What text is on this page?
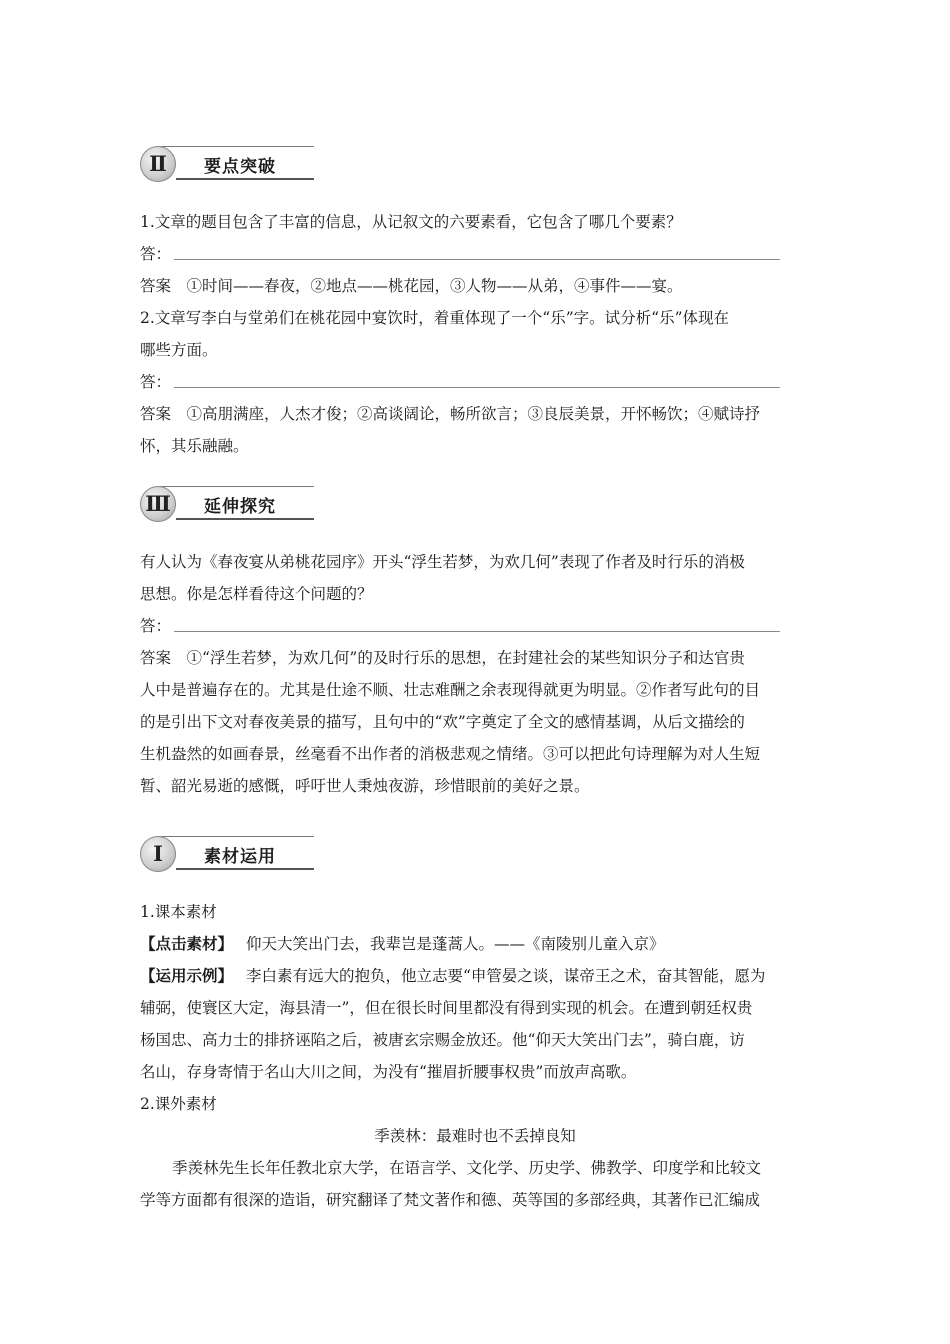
Ⅱ	要点突破
1.文章的题目包含了丰富的信息，从记叙文的六要素看，它包含了哪几个要素？
答：
答案　①时间——春夜，②地点——桃花园，③人物——从弟，④事件——宴。
2.文章写李白与堂弟们在桃花园中宴饮时，着重体现了一个“乐”字。试分析“乐”体现在
哪些方面。
答：
答案　①高朋满座，人杰才俊；②高谈阔论，畅所欲言；③良辰美景，开怀畅饮；④赋诗抒
怀，其乐融融。
Ⅲ	延伸探究
有人认为《春夜宴从弟桃花园序》开头“浮生若梦，为欢几何”表现了作者及时行乐的消极
思想。你是怎样看待这个问题的？
答：
答案　①“浮生若梦，为欢几何”的及时行乐的思想，在封建社会的某些知识分子和达官贵
人中是普遍存在的。尤其是仕途不顺、壮志难酬之余表现得就更为明显。②作者写此句的目
的是引出下文对春夜美景的描写，且句中的“欢”字奠定了全文的感情基调，从后文描绘的
生机盎然的如画春景，丝毫看不出作者的消极悲观之情绪。③可以把此句诗理解为对人生短
暂、韶光易逝的感慨，呼吁世人秉烛夜游，珍惜眼前的美好之景。
Ⅰ	素材运用
1.课本素材
【点击素材】 仰天大笑出门去，我辈岂是蓬蒿人。——《南陵别儿童入京》
【运用示例】 李白素有远大的抱负，他立志要“申管晏之谈，谋帝王之术，奋其智能，愿为
辅弼，使寰区大定，海县清一”，但在很长时间里都没有得到实现的机会。在遭到朝廷权贵
杨国忠、高力士的排挤诬陷之后，被唐玄宗赐金放还。他“仰天大笑出门去”，骑白鹿，访
名山，存身寄情于名山大川之间，为没有“摧眉折腰事权贵”而放声高歌。
2.课外素材
季羡林：最难时也不丢掉良知
季羡林先生长年任教北京大学，在语言学、文化学、历史学、佛教学、印度学和比较文
学等方面都有很深的造诣，研究翻译了梵文著作和德、英等国的多部经典，其著作已汇编成
